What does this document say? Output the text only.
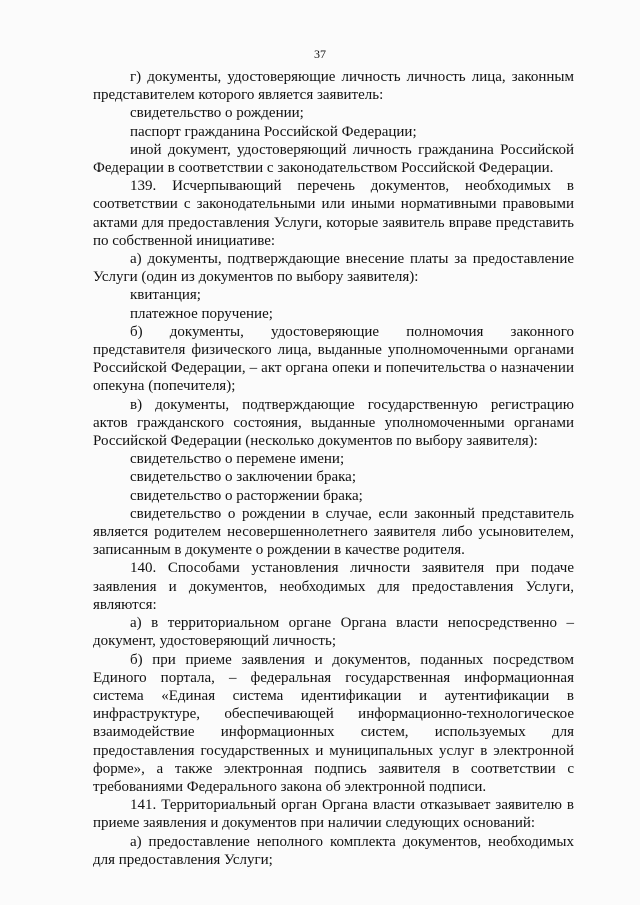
37

г) документы, удостоверяющие личность личность лица, законным представителем которого является заявитель:

свидетельство о рождении;

паспорт гражданина Российской Федерации;

иной документ, удостоверяющий личность гражданина Российской Федерации в соответствии с законодательством Российской Федерации.

139. Исчерпывающий перечень документов, необходимых в соответствии с законодательными или иными нормативными правовыми актами для предоставления Услуги, которые заявитель вправе представить по собственной инициативе:

а) документы, подтверждающие внесение платы за предоставление Услуги (один из документов по выбору заявителя):

квитанция;

платежное поручение;

б) документы, удостоверяющие полномочия законного представителя физического лица, выданные уполномоченными органами Российской Федерации, – акт органа опеки и попечительства о назначении опекуна (попечителя);

в) документы, подтверждающие государственную регистрацию актов гражданского состояния, выданные уполномоченными органами Российской Федерации (несколько документов по выбору заявителя):

свидетельство о перемене имени;

свидетельство о заключении брака;

свидетельство о расторжении брака;

свидетельство о рождении в случае, если законный представитель является родителем несовершеннолетнего заявителя либо усыновителем, записанным в документе о рождении в качестве родителя.

140. Способами установления личности заявителя при подаче заявления и документов, необходимых для предоставления Услуги, являются:

а) в территориальном органе Органа власти непосредственно – документ, удостоверяющий личность;

б) при приеме заявления и документов, поданных посредством Единого портала, – федеральная государственная информационная система «Единая система идентификации и аутентификации в инфраструктуре, обеспечивающей информационно-технологическое взаимодействие информационных систем, используемых для предоставления государственных и муниципальных услуг в электронной форме», а также электронная подпись заявителя в соответствии с требованиями Федерального закона об электронной подписи.

141. Территориальный орган Органа власти отказывает заявителю в приеме заявления и документов при наличии следующих оснований:

а) предоставление неполного комплекта документов, необходимых для предоставления Услуги;
